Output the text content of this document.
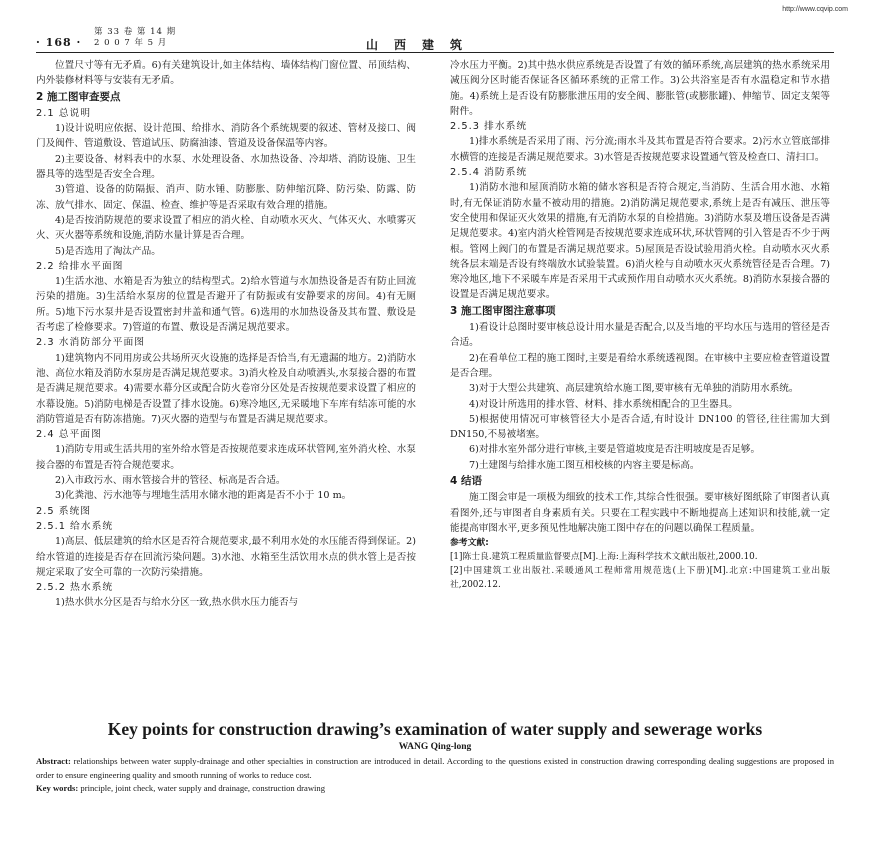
http://www.cqvip.com
· 168 ·
第 33 卷 第 14 期
2 0 0 7 年 5 月	山西建筑

位置尺寸等有无矛盾。6)有关建筑设计,如主体结构、墙体结构门窗位置、吊顶结构、内外装修材料等与安装有无矛盾。

2 施工图审查要点
2.1 总说明

1)设计说明应依据、设计范围、给排水、消防各个系统规要的叙述、管材及接口、阀门及阀件、管道敷设、管道试压、防腐油漆、管道及设备保温等内容。

2)主要设备、材料表中的水泵、水处理设备、水加热设备、冷却塔、消防设施、卫生器具等的选型是否安全合理。

3)管道、设备的防隔振、消声、防水锤、防膨胀、防伸缩沉降、防污染、防露、防冻、放气排水、固定、保温、检查、维护等是否采取有效合理的措施。

4)是否按消防规范的要求设置了相应的消火栓、自动喷水灭火、气体灭火、水喷雾灭火、灭火器等系统和设施,消防水量计算是否合理。

5)是否选用了淘汰产品。

2.2 给排水平面图

1)生活水池、水箱是否为独立的结构型式。2)给水管道与水加热设备是否有防止回流污染的措施。3)生活给水泵房的位置是否避开了有防振或有安静要求的房间。4)有无厕所。5)地下污水泵井是否设置密封井盖和通气管。6)选用的水加热设备及其布置、敷设是否考虑了检修要求。7)管道的布置、敷设是否满足规范要求。

2.3 水消防部分平面图

1)建筑物内不同用房或公共场所灭火设施的选择是否恰当,有无遗漏的地方。2)消防水池、高位水箱及消防水泵房是否满足规范要求。3)消火栓及自动喷洒头,水泵接合器的布置是否满足规范要求。4)需要水幕分区或配合防火卷帘分区处是否按规范要求设置了相应的水幕设施。5)消防电梯是否设置了排水设施。6)寒冷地区,无采暖地下车库有结冻可能的水消防管道是否有防冻措施。7)灭火器的造型与布置是否满足规范要求。

2.4 总平面图

1)消防专用或生活共用的室外给水管是否按规范要求连成环状管网,室外消火栓、水泵接合器的布置是否符合规范要求。

2)入市政污水、雨水管接合井的管径、标高是否合适。

3)化粪池、污水池等与埋地生活用水储水池的距离是否不小于 10 m。

2.5 系统图
2.5.1 给水系统

1)高层、低层建筑的给水区是否符合规范要求,最不利用水处的水压能否得到保证。2)给水管道的连接是否存在回流污染问题。3)水池、水箱至生活饮用水点的供水管上是否按规定采取了安全可靠的一次防污染措施。

2.5.2 热水系统

1)热水供水分区是否与给水分区一致,热水供水压力能否与

冷水压力平衡。2)其中热水供应系统是否设置了有效的循环系统,高层建筑的热水系统采用减压阀分区时能否保证各区循环系统的正常工作。3)公共浴室是否有水温稳定和节水措施。4)系统上是否设有防膨胀泄压用的安全阀、膨胀管(或膨胀罐)、伸缩节、固定支架等附件。

2.5.3 排水系统

1)排水系统是否采用了雨、污分流;雨水斗及其布置是否符合要求。2)污水立管底部排水横管的连接是否满足规范要求。3)水管是否按规范要求设置通气管及检查口、清扫口。

2.5.4 消防系统

1)消防水池和屋顶消防水箱的储水容积是否符合规定,当消防、生活合用水池、水箱时,有无保证消防水量不被动用的措施。2)消防满足规范要求,系统上是否有减压、泄压等安全使用和保证灭火效果的措施,有无消防水泵的自检措施。3)消防水泵及增压设备是否满足规范要求。4)室内消火栓管网是否按规范要求连成环状,环状管网的引入管是否不少于两根。管网上阀门的布置是否满足规范要求。5)屋顶是否设试验用消火栓。自动喷水灭火系统各层末端是否设有终端放水试验装置。6)消火栓与自动喷水灭火系统管径是否合理。7)寒冷地区,地下不采暖车库是否采用干式或预作用自动喷水灭火系统。8)消防水泵接合器的设置是否满足规范要求。

3 施工图审图注意事项

1)看设计总图时要审核总设计用水量是否配合,以及当地的平均水压与选用的管径是否合适。

2)在看单位工程的施工图时,主要是看给水系统透视图。在审核中主要应检查管道设置是否合理。

3)对于大型公共建筑、高层建筑给水施工图,要审核有无单独的消防用水系统。

4)对设计所选用的排水管、材料、排水系统相配合的卫生器具。

5)根据使用情况可审核管径大小是否合适,有时设计 DN100 的管径,往往需加大到 DN150,不易被堵塞。

6)对排水室外部分进行审核,主要是管道坡度是否注明坡度是否足够。

7)土建图与给排水施工图互相校核的内容主要是标高。

4 结语

施工图会审是一项极为细致的技术工作,其综合性很强。要审核好图纸除了审图者认真看图外,还与审图者自身素质有关。只要在工程实践中不断地提高上述知识和技能,就一定能提高审图水平,更多预见性地解决施工图中存在的问题以确保工程质量。

参考文献:
[1]陈士良.建筑工程质量监督要点[M].上海:上海科学技术文献出版社,2000.10.
[2]中国建筑工业出版社.采暖通风工程师常用规范选(上下册)[M].北京:中国建筑工业出版社,2002.12.

Key points for construction drawing’s examination of water supply and sewerage works

WANG Qing-long

Abstract: relationships between water supply-drainage and other specialties in construction are introduced in detail. According to the questions existed in construction drawing corresponding dealing suggestions are proposed in order to ensure engineering quality and smooth running of works to reduce cost.

Key words: principle, joint check, water supply and drainage, construction drawing
